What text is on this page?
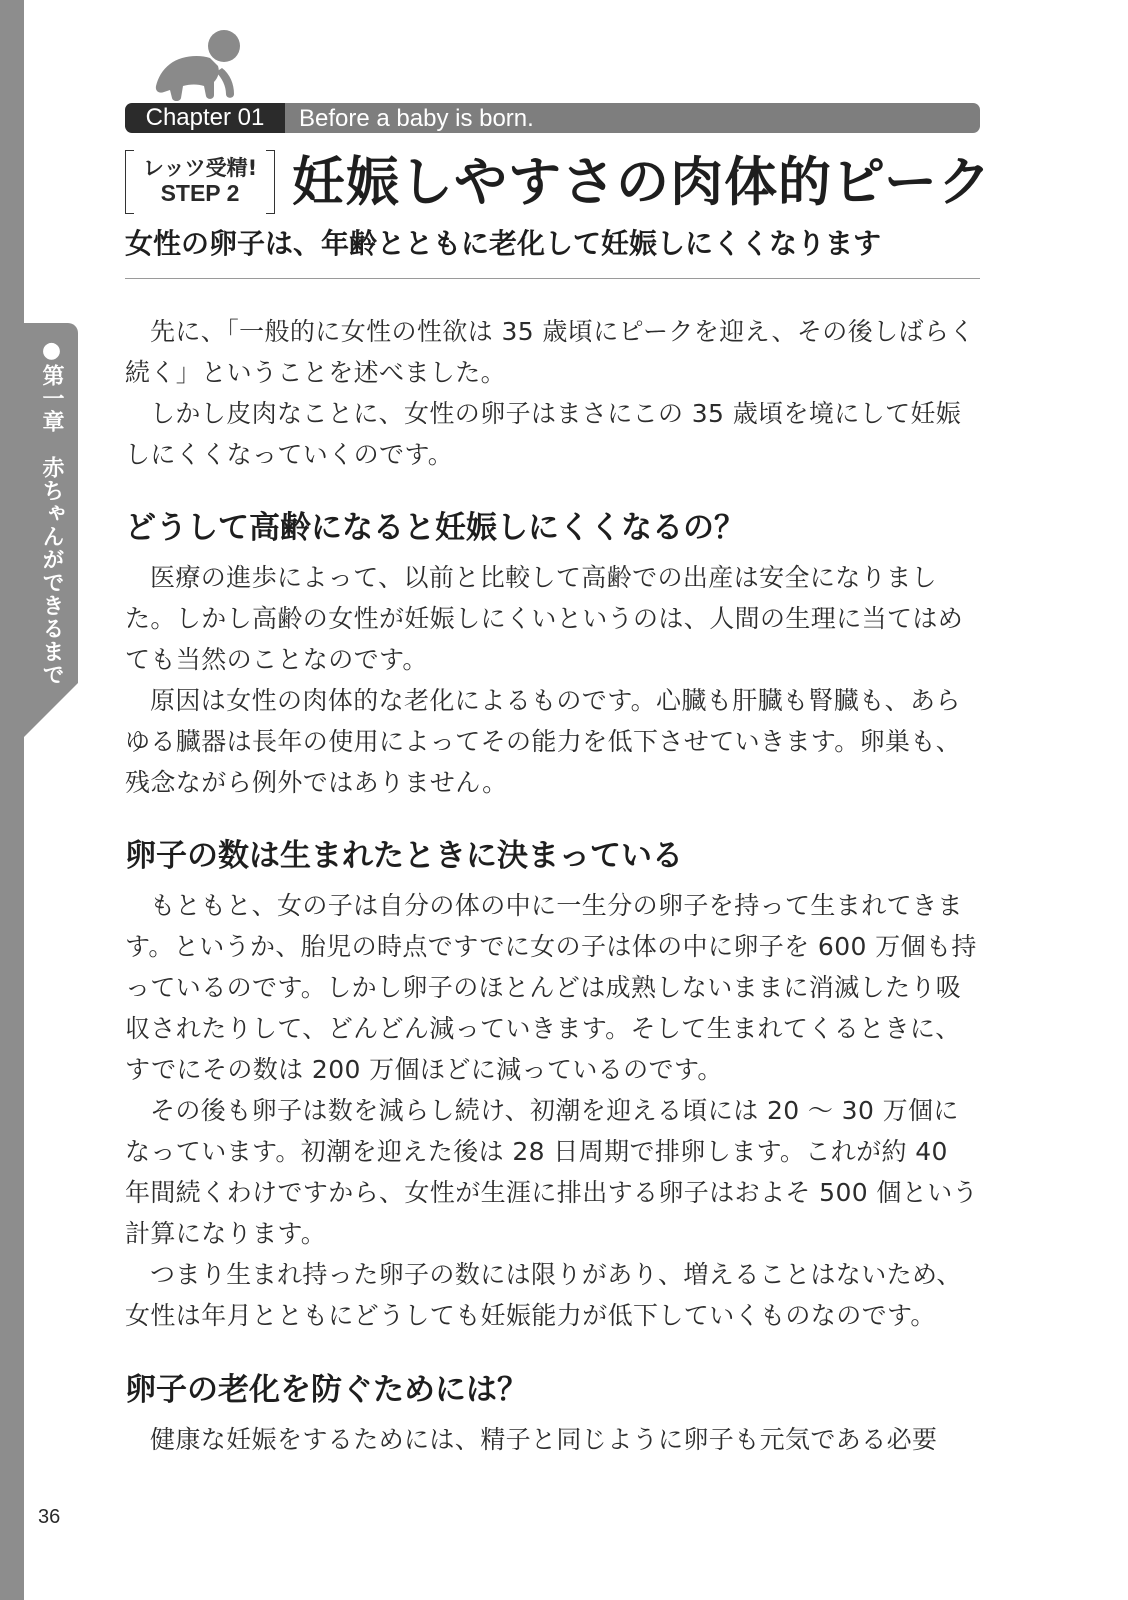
●第一章　赤ちゃんができるまで
Chapter 01	Before a baby is born.
レッツ受精!
STEP 2 妊娠しやすさの肉体的ピーク
女性の卵子は、年齢とともに老化して妊娠しにくくなります

先に、「一般的に女性の性欲は 35 歳頃にピークを迎え、その後しばらく続く」ということを述べました。

しかし皮肉なことに、女性の卵子はまさにこの 35 歳頃を境にして妊娠しにくくなっていくのです。

どうして高齢になると妊娠しにくくなるの？

医療の進歩によって、以前と比較して高齢での出産は安全になりました。しかし高齢の女性が妊娠しにくいというのは、人間の生理に当てはめても当然のことなのです。

原因は女性の肉体的な老化によるものです。心臓も肝臓も腎臓も、あらゆる臓器は長年の使用によってその能力を低下させていきます。卵巣も、残念ながら例外ではありません。

卵子の数は生まれたときに決まっている

もともと、女の子は自分の体の中に一生分の卵子を持って生まれてきます。というか、胎児の時点ですでに女の子は体の中に卵子を 600 万個も持っているのです。しかし卵子のほとんどは成熟しないままに消滅したり吸収されたりして、どんどん減っていきます。そして生まれてくるときに、すでにその数は 200 万個ほどに減っているのです。

その後も卵子は数を減らし続け、初潮を迎える頃には 20 ～ 30 万個になっています。初潮を迎えた後は 28 日周期で排卵します。これが約 40 年間続くわけですから、女性が生涯に排出する卵子はおよそ 500 個という計算になります。

つまり生まれ持った卵子の数には限りがあり、増えることはないため、女性は年月とともにどうしても妊娠能力が低下していくものなのです。

卵子の老化を防ぐためには？

健康な妊娠をするためには、精子と同じように卵子も元気である必要

36
